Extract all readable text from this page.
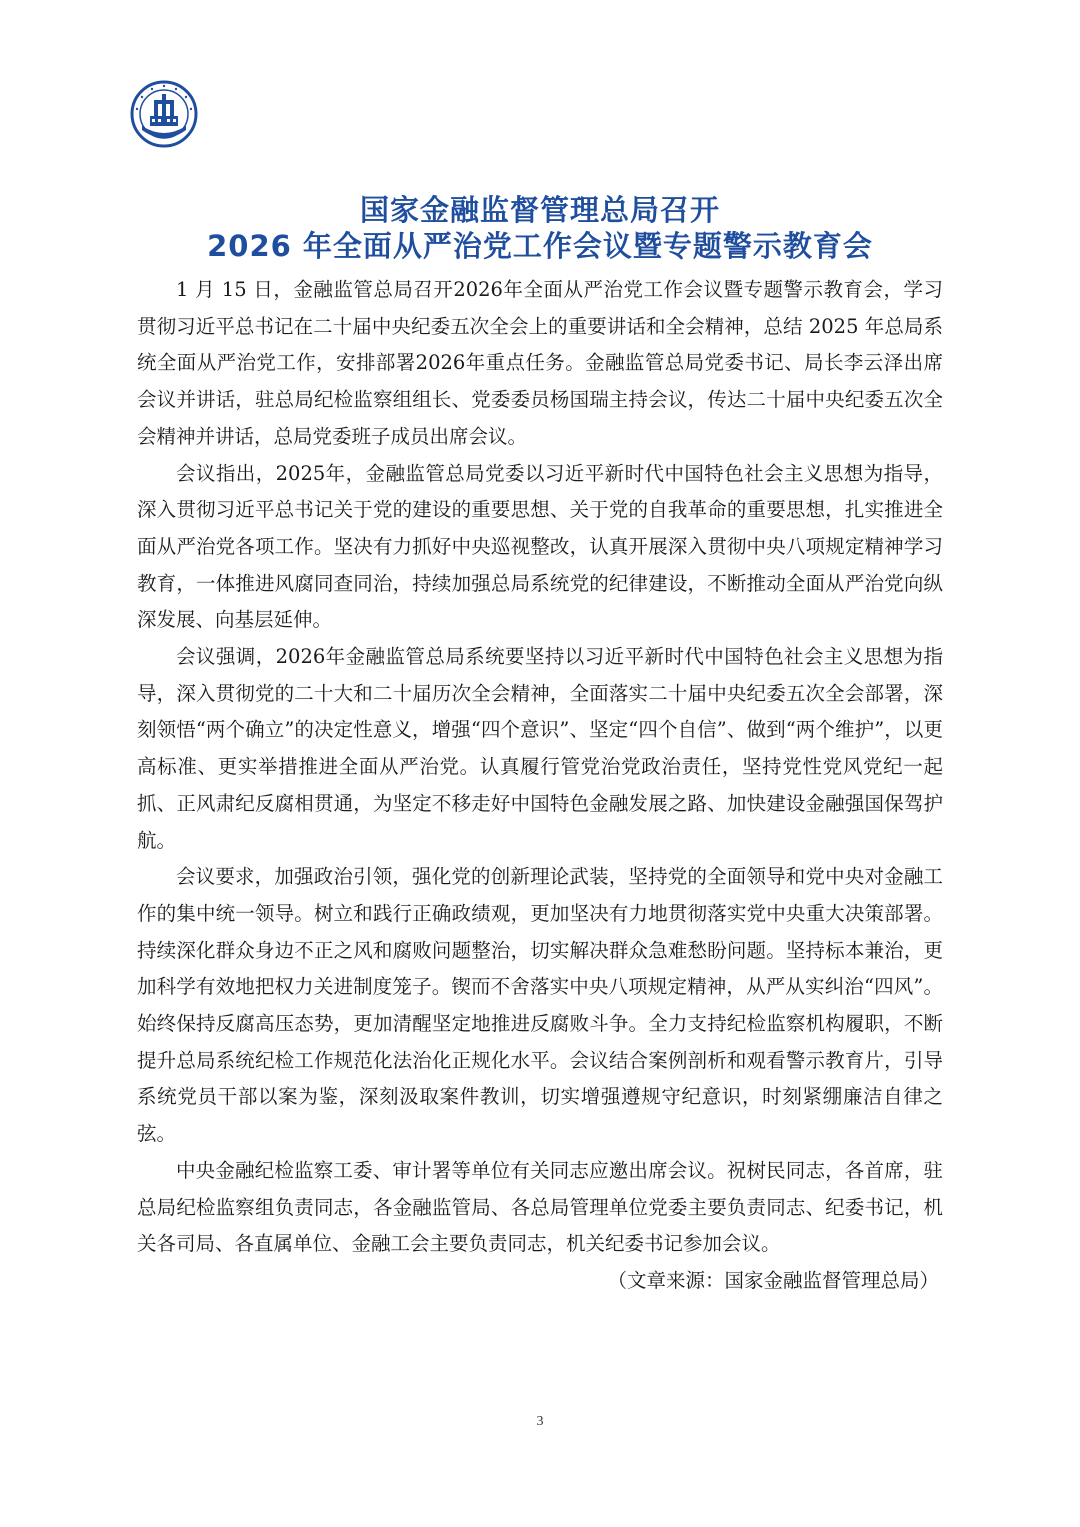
国家金融监督管理总局召开
2026 年全面从严治党工作会议暨专题警示教育会

1 月 15 日，金融监管总局召开2026年全面从严治党工作会议暨专题警示教育会，学习贯彻习近平总书记在二十届中央纪委五次全会上的重要讲话和全会精神，总结 2025 年总局系统全面从严治党工作，安排部署2026年重点任务。金融监管总局党委书记、局长李云泽出席会议并讲话，驻总局纪检监察组组长、党委委员杨国瑞主持会议，传达二十届中央纪委五次全会精神并讲话，总局党委班子成员出席会议。

会议指出，2025年，金融监管总局党委以习近平新时代中国特色社会主义思想为指导，深入贯彻习近平总书记关于党的建设的重要思想、关于党的自我革命的重要思想，扎实推进全面从严治党各项工作。坚决有力抓好中央巡视整改，认真开展深入贯彻中央八项规定精神学习教育，一体推进风腐同查同治，持续加强总局系统党的纪律建设，不断推动全面从严治党向纵深发展、向基层延伸。

会议强调，2026年金融监管总局系统要坚持以习近平新时代中国特色社会主义思想为指导，深入贯彻党的二十大和二十届历次全会精神，全面落实二十届中央纪委五次全会部署，深刻领悟“两个确立”的决定性意义，增强“四个意识”、坚定“四个自信”、做到“两个维护”，以更高标准、更实举措推进全面从严治党。认真履行管党治党政治责任，坚持党性党风党纪一起抓、正风肃纪反腐相贯通，为坚定不移走好中国特色金融发展之路、加快建设金融强国保驾护航。

会议要求，加强政治引领，强化党的创新理论武装，坚持党的全面领导和党中央对金融工作的集中统一领导。树立和践行正确政绩观，更加坚决有力地贯彻落实党中央重大决策部署。持续深化群众身边不正之风和腐败问题整治，切实解决群众急难愁盼问题。坚持标本兼治，更加科学有效地把权力关进制度笼子。锲而不舍落实中央八项规定精神，从严从实纠治“四风”。始终保持反腐高压态势，更加清醒坚定地推进反腐败斗争。全力支持纪检监察机构履职，不断提升总局系统纪检工作规范化法治化正规化水平。会议结合案例剖析和观看警示教育片，引导系统党员干部以案为鉴，深刻汲取案件教训，切实增强遵规守纪意识，时刻紧绷廉洁自律之弦。

中央金融纪检监察工委、审计署等单位有关同志应邀出席会议。祝树民同志，各首席，驻总局纪检监察组负责同志，各金融监管局、各总局管理单位党委主要负责同志、纪委书记，机关各司局、各直属单位、金融工会主要负责同志，机关纪委书记参加会议。

（文章来源：国家金融监督管理总局）

3
